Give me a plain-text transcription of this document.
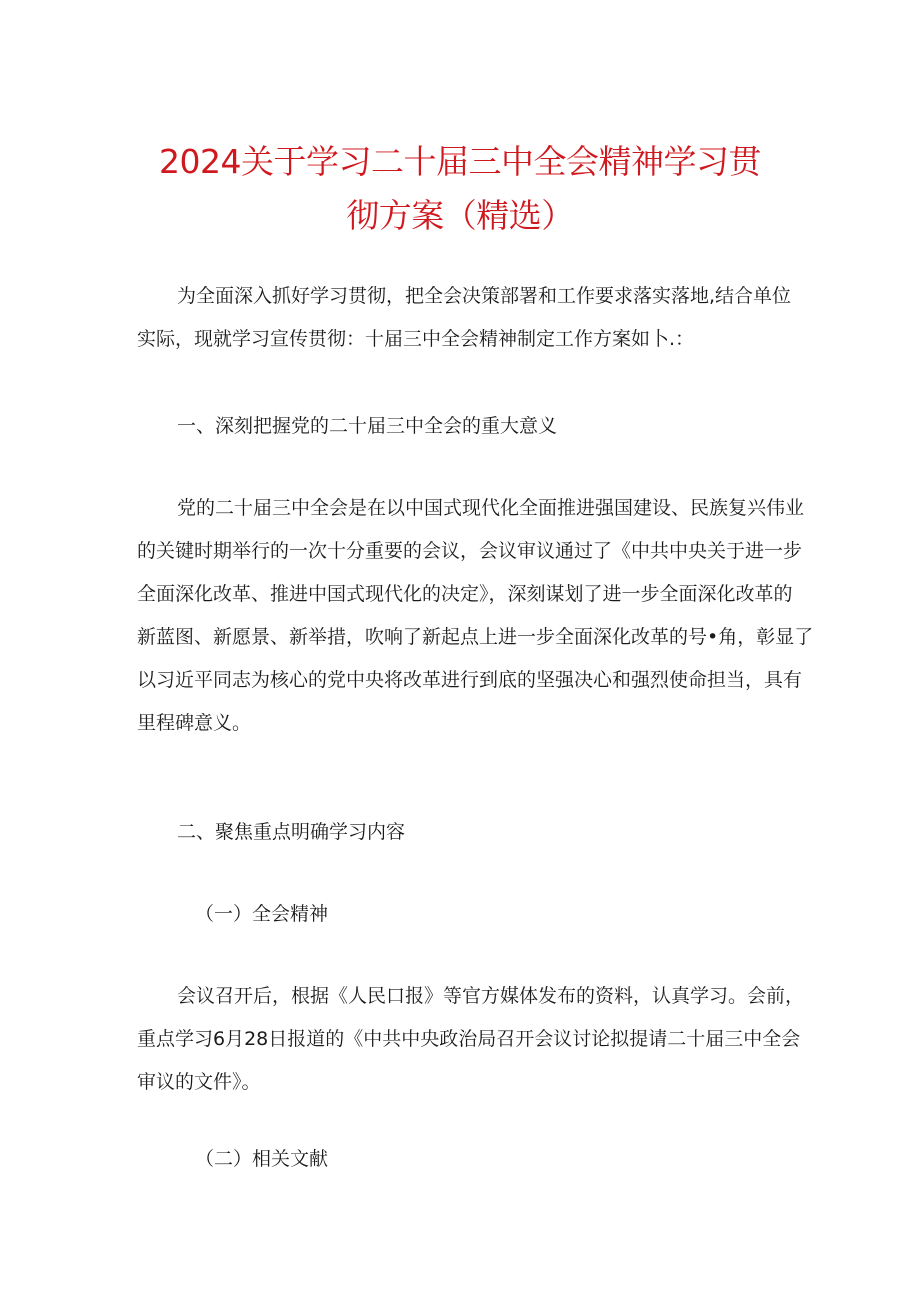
2024关于学习二十届三中全会精神学习贯
彻方案（精选）
为全面深入抓好学习贯彻，把全会决策部署和工作要求落实落地,结合单位
实际，现就学习宣传贯彻：十届三中全会精神制定工作方案如卜.：
一、深刻把握党的二十届三中全会的重大意义
党的二十届三中全会是在以中国式现代化全面推进强国建设、民族复兴伟业
的关键时期举行的一次十分重要的会议，会议审议通过了《中共中央关于进一步
全面深化改革、推进中国式现代化的决定》，深刻谋划了进一步全面深化改革的
新蓝图、新愿景、新举措，吹响了新起点上进一步全面深化改革的号•角，彰显了
以习近平同志为核心的党中央将改革进行到底的坚强决心和强烈使命担当，具有
里程碑意义。
二、聚焦重点明确学习内容
（一）全会精神
会议召开后，根据《人民口报》等官方媒体发布的资料，认真学习。会前，
重点学习6月28日报道的《中共中央政治局召开会议讨论拟提请二十届三中全会
审议的文件》。
（二）相关文献
